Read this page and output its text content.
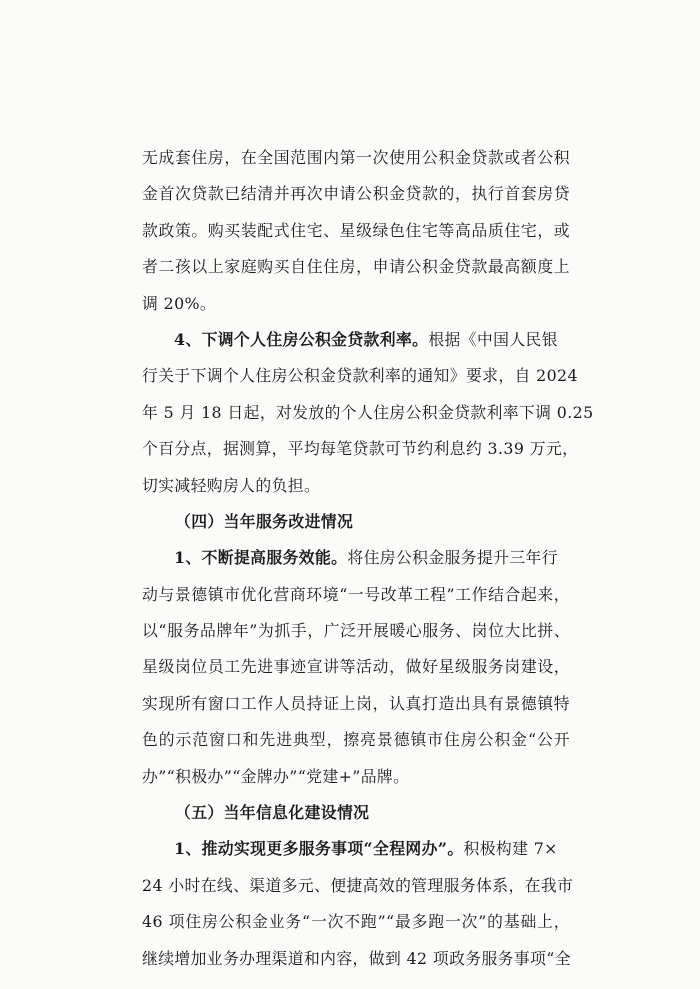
无成套住房，在全国范围内第一次使用公积金贷款或者公积
金首次贷款已结清并再次申请公积金贷款的，执行首套房贷
款政策。购买装配式住宅、星级绿色住宅等高品质住宅，或
者二孩以上家庭购买自住住房，申请公积金贷款最高额度上
调 20%。
4、下调个人住房公积金贷款利率。根据《中国人民银
行关于下调个人住房公积金贷款利率的通知》要求，自 2024
年 5 月 18 日起，对发放的个人住房公积金贷款利率下调 0.25
个百分点，据测算，平均每笔贷款可节约利息约 3.39 万元，
切实减轻购房人的负担。
（四）当年服务改进情况
1、不断提高服务效能。将住房公积金服务提升三年行
动与景德镇市优化营商环境“一号改革工程”工作结合起来，
以“服务品牌年”为抓手，广泛开展暖心服务、岗位大比拼、
星级岗位员工先进事迹宣讲等活动，做好星级服务岗建设，
实现所有窗口工作人员持证上岗，认真打造出具有景德镇特
色的示范窗口和先进典型，擦亮景德镇市住房公积金“公开
办”“积极办”“金牌办”“党建+”品牌。
（五）当年信息化建设情况
1、推动实现更多服务事项“全程网办”。积极构建 7×
24 小时在线、渠道多元、便捷高效的管理服务体系，在我市
46 项住房公积金业务“一次不跑”“最多跑一次”的基础上，
继续增加业务办理渠道和内容，做到 42 项政务服务事项“全
